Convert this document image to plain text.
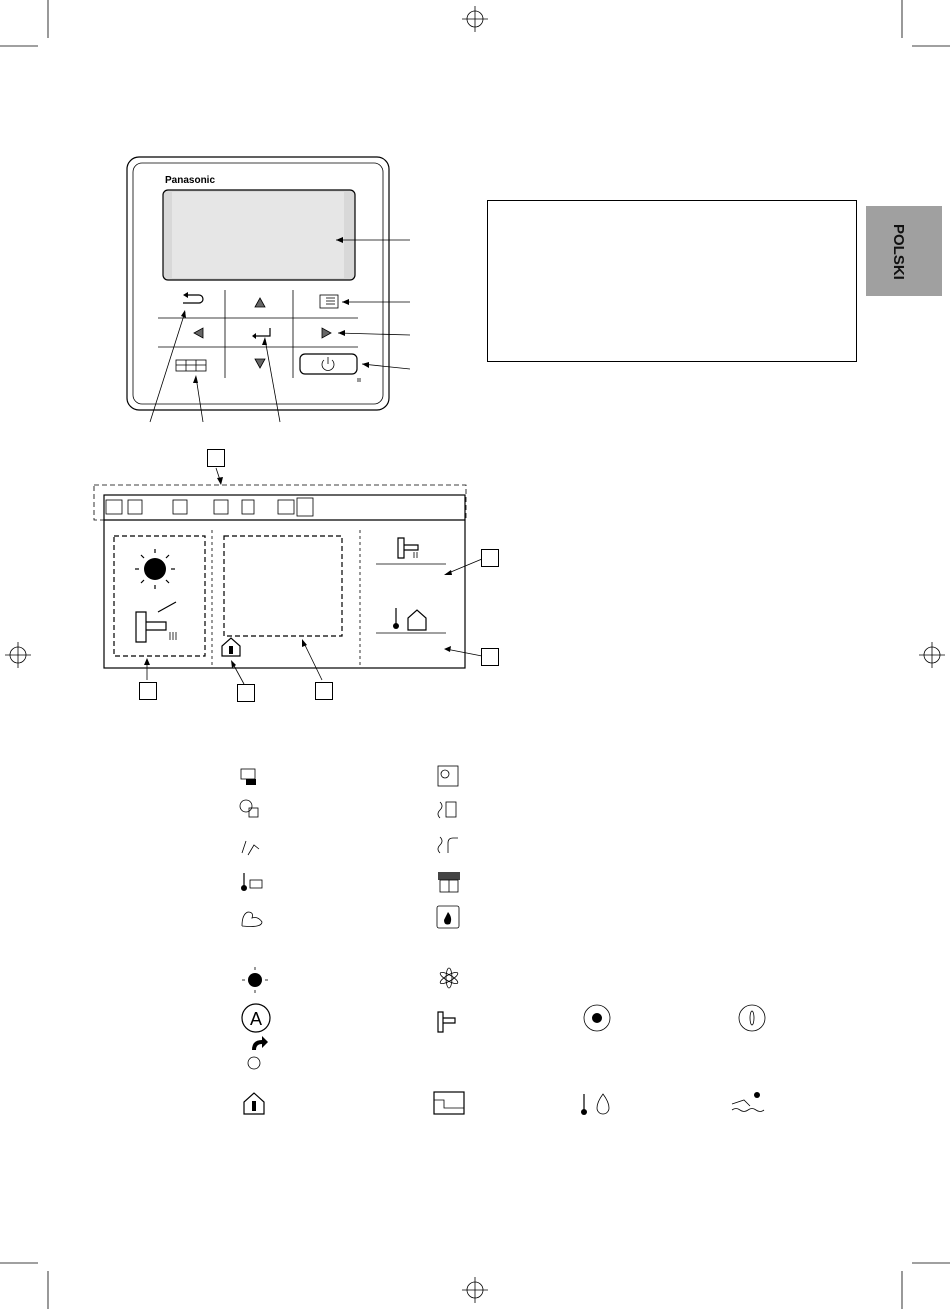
POLSKI
Panasonic
A
